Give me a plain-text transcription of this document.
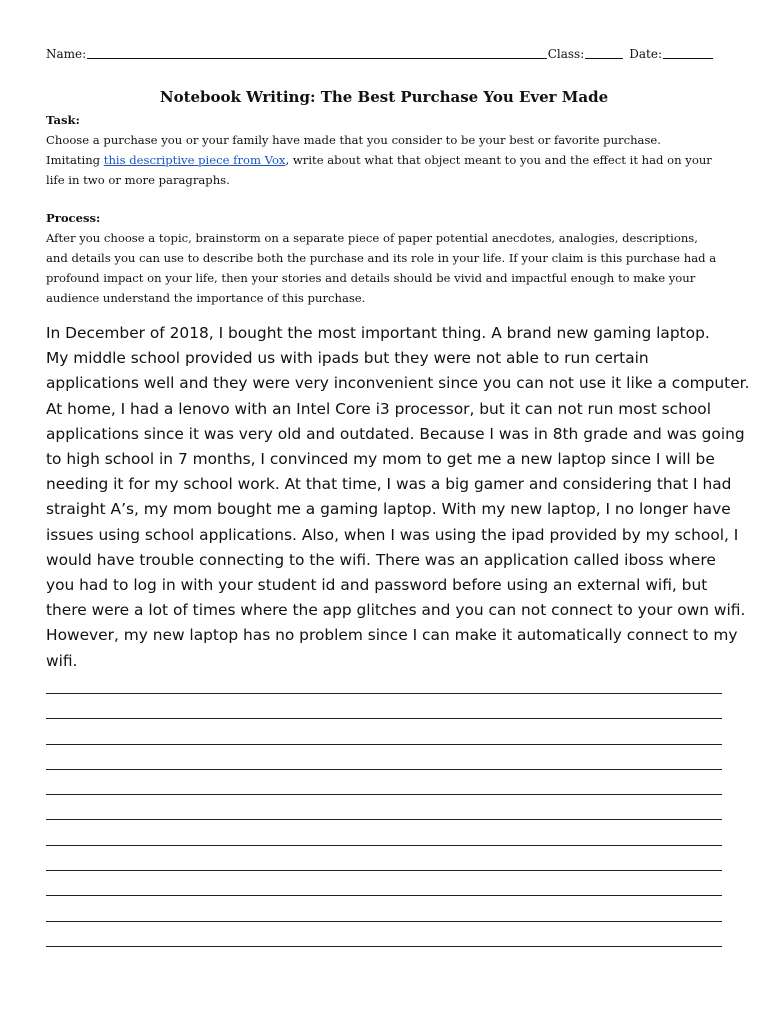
Name:	Class:	Date:
Notebook Writing: The Best Purchase You Ever Made
Task:

Choose a purchase you or your family have made that you consider to be your best or favorite purchase. Imitating this descriptive piece from Vox, write about what that object meant to you and the effect it had on your life in two or more paragraphs.

Process:

After you choose a topic, brainstorm on a separate piece of paper potential anecdotes, analogies, descriptions, and details you can use to describe both the purchase and its role in your life. If your claim is this purchase had a profound impact on your life, then your stories and details should be vivid and impactful enough to make your audience understand the importance of this purchase.

In December of 2018, I bought the most important thing. A brand new gaming laptop.
My middle school provided us with ipads but they were not able to run certain
applications well and they were very inconvenient since you can not use it like a computer.
At home, I had a lenovo with an Intel Core i3 processor, but it can not run most school
applications since it was very old and outdated. Because I was in 8th grade and was going
to high school in 7 months, I convinced my mom to get me a new laptop since I will be
needing it for my school work. At that time, I was a big gamer and considering that I had
straight A’s, my mom bought me a gaming laptop. With my new laptop, I no longer have
issues using school applications. Also, when I was using the ipad provided by my school, I
would have trouble connecting to the wifi. There was an application called iboss where
you had to log in with your student id and password before using an external wifi, but
there were a lot of times where the app glitches and you can not connect to your own wifi.
However, my new laptop has no problem since I can make it automatically connect to my
wifi.
